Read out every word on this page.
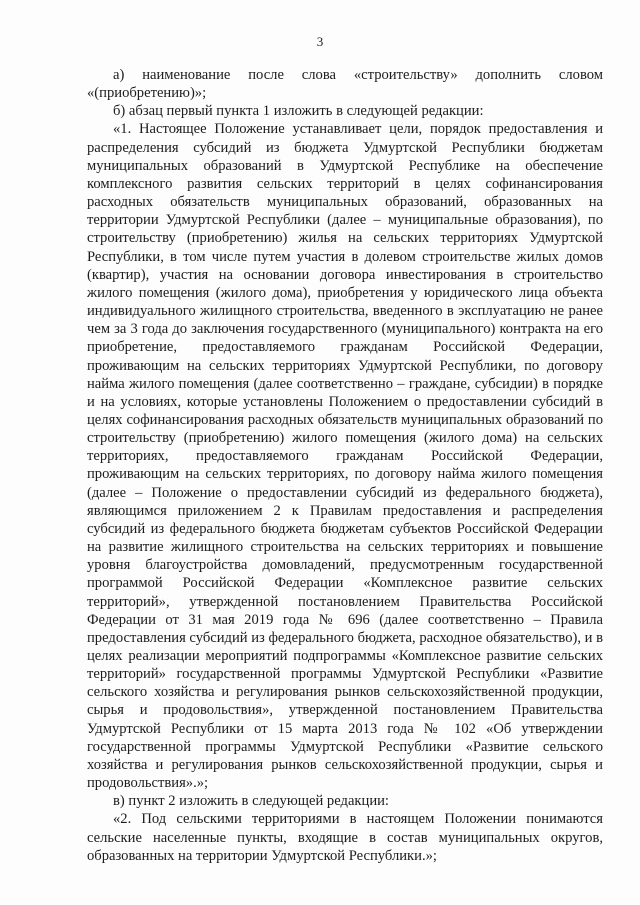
3

а) наименование после слова «строительству» дополнить словом «(приобретению)»;

б) абзац первый пункта 1 изложить в следующей редакции:

«1. Настоящее Положение устанавливает цели, порядок предоставления и распределения субсидий из бюджета Удмуртской Республики бюджетам муниципальных образований в Удмуртской Республике на обеспечение комплексного развития сельских территорий в целях софинансирования расходных обязательств муниципальных образований, образованных на территории Удмуртской Республики (далее – муниципальные образования), по строительству (приобретению) жилья на сельских территориях Удмуртской Республики, в том числе путем участия в долевом строительстве жилых домов (квартир), участия на основании договора инвестирования в строительство жилого помещения (жилого дома), приобретения у юридического лица объекта индивидуального жилищного строительства, введенного в эксплуатацию не ранее чем за 3 года до заключения государственного (муниципального) контракта на его приобретение, предоставляемого гражданам Российской Федерации, проживающим на сельских территориях Удмуртской Республики, по договору найма жилого помещения (далее соответственно – граждане, субсидии) в порядке и на условиях, которые установлены Положением о предоставлении субсидий в целях софинансирования расходных обязательств муниципальных образований по строительству (приобретению) жилого помещения (жилого дома) на сельских территориях, предоставляемого гражданам Российской Федерации, проживающим на сельских территориях, по договору найма жилого помещения (далее – Положение о предоставлении субсидий из федерального бюджета), являющимся приложением 2 к Правилам предоставления и распределения субсидий из федерального бюджета бюджетам субъектов Российской Федерации на развитие жилищного строительства на сельских территориях и повышение уровня благоустройства домовладений, предусмотренным государственной программой Российской Федерации «Комплексное развитие сельских территорий», утвержденной постановлением Правительства Российской Федерации от 31 мая 2019 года № 696 (далее соответственно – Правила предоставления субсидий из федерального бюджета, расходное обязательство), и в целях реализации мероприятий подпрограммы «Комплексное развитие сельских территорий» государственной программы Удмуртской Республики «Развитие сельского хозяйства и регулирования рынков сельскохозяйственной продукции, сырья и продовольствия», утвержденной постановлением Правительства Удмуртской Республики от 15 марта 2013 года № 102 «Об утверждении государственной программы Удмуртской Республики «Развитие сельского хозяйства и регулирования рынков сельскохозяйственной продукции, сырья и продовольствия».»;

в) пункт 2 изложить в следующей редакции:

«2. Под сельскими территориями в настоящем Положении понимаются сельские населенные пункты, входящие в состав муниципальных округов, образованных на территории Удмуртской Республики.»;
